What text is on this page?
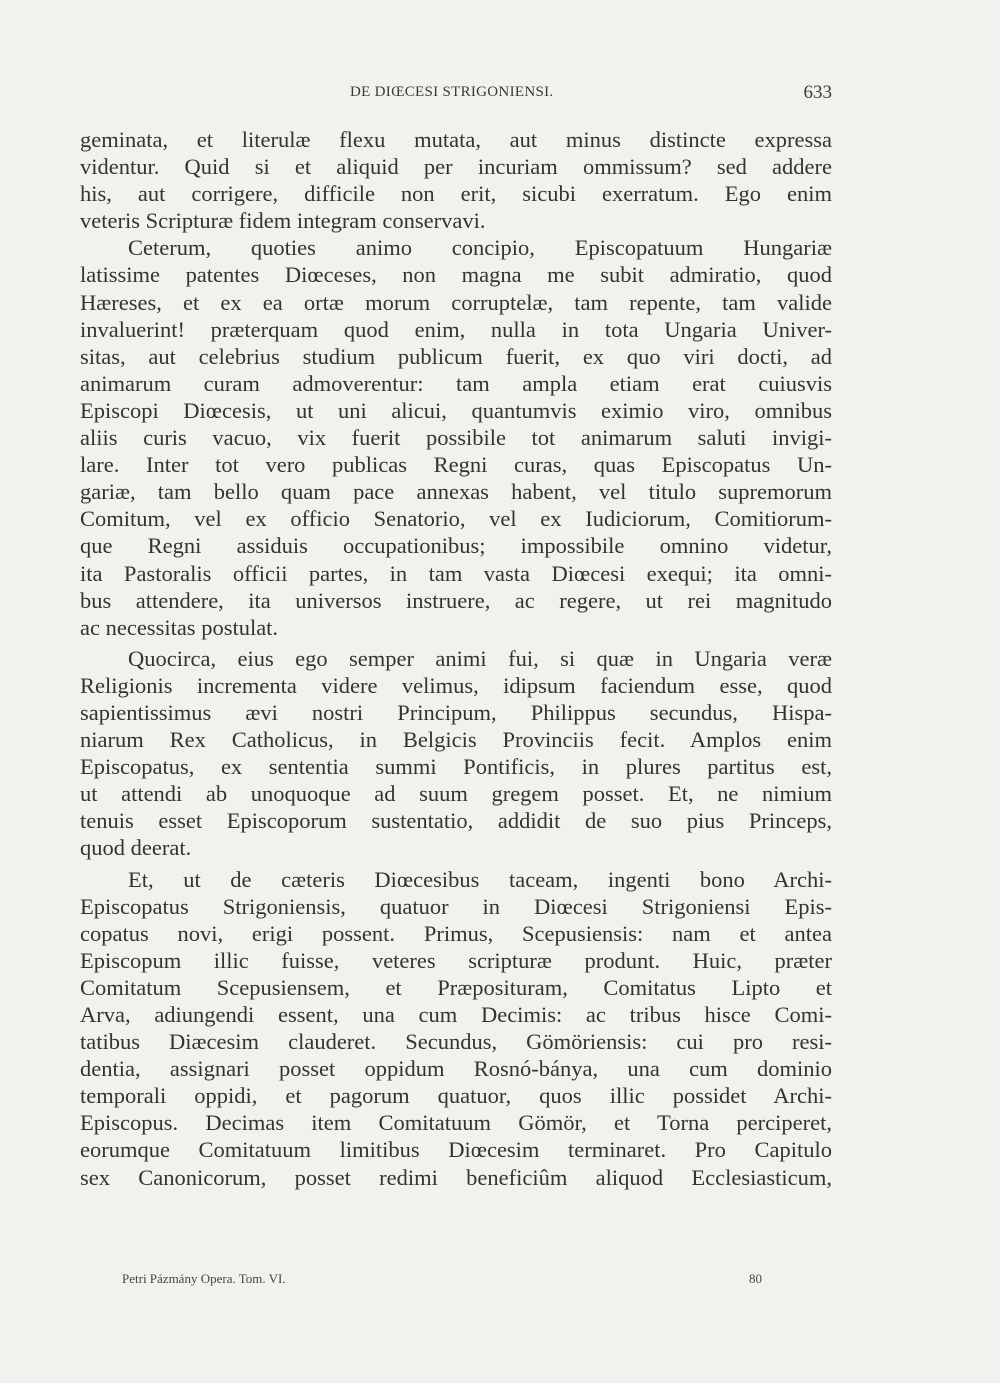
DE DIŒCESI STRIGONIENSI.	633
geminata, et literulæ flexu mutata, aut minus distincte expressa
videntur. Quid si et aliquid per incuriam ommissum? sed addere
his, aut corrigere, difficile non erit, sicubi exerratum. Ego enim
veteris Scripturæ fidem integram conservavi.
Ceterum, quoties animo concipio, Episcopatuum Hungariæ
latissime patentes Diœceses, non magna me subit admiratio, quod
Hæreses, et ex ea ortæ morum corruptelæ, tam repente, tam valide
invaluerint! præterquam quod enim, nulla in tota Ungaria Univer-
sitas, aut celebrius studium publicum fuerit, ex quo viri docti, ad
animarum curam admoverentur: tam ampla etiam erat cuiusvis
Episcopi Diœcesis, ut uni alicui, quantumvis eximio viro, omnibus
aliis curis vacuo, vix fuerit possibile tot animarum saluti invigi-
lare. Inter tot vero publicas Regni curas, quas Episcopatus Un-
gariæ, tam bello quam pace annexas habent, vel titulo supremorum
Comitum, vel ex officio Senatorio, vel ex Iudiciorum, Comitiorum-
que Regni assiduis occupationibus; impossibile omnino videtur,
ita Pastoralis officii partes, in tam vasta Diœcesi exequi; ita omni-
bus attendere, ita universos instruere, ac regere, ut rei magnitudo
ac necessitas postulat.
Quocirca, eius ego semper animi fui, si quæ in Ungaria veræ
Religionis incrementa videre velimus, idipsum faciendum esse, quod
sapientissimus ævi nostri Principum, Philippus secundus, Hispa-
niarum Rex Catholicus, in Belgicis Provinciis fecit. Amplos enim
Episcopatus, ex sententia summi Pontificis, in plures partitus est,
ut attendi ab unoquoque ad suum gregem posset. Et, ne nimium
tenuis esset Episcoporum sustentatio, addidit de suo pius Princeps,
quod deerat.
Et, ut de cæteris Diœcesibus taceam, ingenti bono Archi-
Episcopatus Strigoniensis, quatuor in Diœcesi Strigoniensi Epis-
copatus novi, erigi possent. Primus, Scepusiensis: nam et antea
Episcopum illic fuisse, veteres scripturæ produnt. Huic, præter
Comitatum Scepusiensem, et Præposituram, Comitatus Lipto et
Arva, adiungendi essent, una cum Decimis: ac tribus hisce Comi-
tatibus Diæcesim clauderet. Secundus, Gömöriensis: cui pro resi-
dentia, assignari posset oppidum Rosnó-bánya, una cum dominio
temporali oppidi, et pagorum quatuor, quos illic possidet Archi-
Episcopus. Decimas item Comitatuum Gömör, et Torna perciperet,
eorumque Comitatuum limitibus Diœcesim terminaret. Pro Capitulo
sex Canonicorum, posset redimi beneficiûm aliquod Ecclesiasticum,
Petri Pázmány Opera. Tom. VI.	80
